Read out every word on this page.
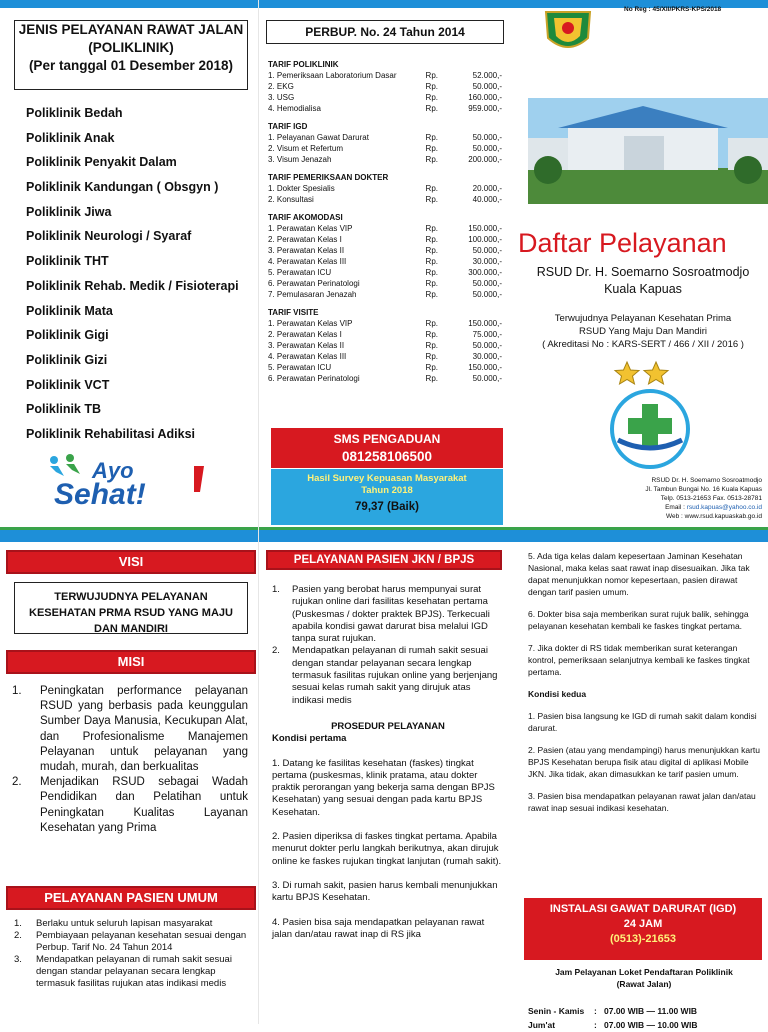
JENIS PELAYANAN RAWAT JALAN
(POLIKLINIK)
(Per tanggal 01 Desember 2018)
Poliklinik Bedah
Poliklinik Anak
Poliklinik Penyakit Dalam
Poliklinik Kandungan ( Obsgyn )
Poliklinik Jiwa
Poliklinik Neurologi / Syaraf
Poliklinik THT
Poliklinik Rehab. Medik / Fisioterapi
Poliklinik Mata
Poliklinik Gigi
Poliklinik Gizi
Poliklinik VCT
Poliklinik TB
Poliklinik Rehabilitasi Adiksi
Ayo
Sehat!
PERBUP. No. 24 Tahun 2014
TARIF POLIKLINIK
1. Pemeriksaan Laboratorium Dasar	Rp.	52.000,-
2. EKG	Rp.	50.000,-
3. USG	Rp.	160.000,-
4. Hemodialisa	Rp.	959.000,-
TARIF IGD
1. Pelayanan Gawat Darurat	Rp.	50.000,-
2. Visum et Refertum	Rp.	50.000,-
3. Visum Jenazah	Rp.	200.000,-
TARIF PEMERIKSAAN DOKTER
1. Dokter Spesialis	Rp.	20.000,-
2. Konsultasi	Rp.	40.000,-
TARIF AKOMODASI
1. Perawatan Kelas VIP	Rp.	150.000,-
2. Perawatan Kelas I	Rp.	100.000,-
3. Perawatan Kelas II	Rp.	50.000,-
4. Perawatan Kelas III	Rp.	30.000,-
5. Perawatan ICU	Rp.	300.000,-
6. Perawatan Perinatologi	Rp.	50.000,-
7. Pemulasaran Jenazah	Rp.	50.000,-
TARIF VISITE
1. Perawatan Kelas VIP	Rp.	150.000,-
2. Perawatan Kelas I	Rp.	75.000,-
3. Perawatan Kelas II	Rp.	50.000,-
4. Perawatan Kelas III	Rp.	30.000,-
5. Perawatan ICU	Rp.	150.000,-
6. Perawatan Perinatologi	Rp.	50.000,-
SMS PENGADUAN
081258106500
Hasil Survey Kepuasan Masyarakat
Tahun 2018
79,37 (Baik)
No Reg : 45/XII/PKRS-KPS/2018
Daftar Pelayanan
RSUD Dr. H. Soemarno Sosroatmodjo
Kuala Kapuas
Terwujudnya Pelayanan Kesehatan Prima
RSUD Yang Maju Dan Mandiri
( Akreditasi No : KARS-SERT / 466 / XII / 2016 )
RSUD Dr. H. Soemarno Sosroatmodjo
Jl. Tambun Bungai No. 16 Kuala Kapuas
Telp. 0513-21653 Fax. 0513-28781
Email : rsud.kapuas@yahoo.co.id
Web : www.rsud.kapuaskab.go.id
VISI
TERWUJUDNYA PELAYANAN
KESEHATAN PRMA RSUD YANG MAJU
DAN MANDIRI
MISI
1.	Peningkatan performance pelayanan RSUD yang berbasis pada keunggulan Sumber Daya Manusia, Kecukupan Alat, dan Profesionalisme Manajemen Pelayanan untuk pelayanan yang mudah, murah, dan berkualitas
2.	Menjadikan RSUD sebagai Wadah Pendidikan dan Pelatihan untuk Peningkatan Kualitas Layanan Kesehatan yang Prima
PELAYANAN PASIEN UMUM
1.	Berlaku untuk seluruh lapisan masyarakat
2.	Pembiayaan pelayanan kesehatan sesuai dengan Perbup. Tarif No. 24 Tahun 2014
3.	Mendapatkan pelayanan di rumah sakit sesuai dengan standar pelayanan secara lengkap termasuk fasilitas rujukan atas indikasi medis
PELAYANAN PASIEN JKN / BPJS
1.	Pasien yang berobat harus mempunyai surat rujukan online dari fasilitas kesehatan pertama (Puskesmas / dokter praktek BPJS). Terkecuali apabila kondisi gawat darurat bisa melalui IGD tanpa surat rujukan.
2.	Mendapatkan pelayanan di rumah sakit sesuai dengan standar pelayanan secara lengkap termasuk fasilitas rujukan online yang berjenjang sesuai kelas rumah sakit yang dirujuk atas indikasi medis
PROSEDUR PELAYANAN
Kondisi pertama

1. Datang ke fasilitas kesehatan (faskes) tingkat pertama (puskesmas, klinik pratama, atau dokter praktik perorangan yang bekerja sama dengan BPJS Kesehatan) yang sesuai dengan pada kartu BPJS Kesehatan.

2. Pasien diperiksa di faskes tingkat pertama. Apabila menurut dokter perlu langkah berikutnya, akan dirujuk online ke faskes rujukan tingkat lanjutan (rumah sakit).

3. Di rumah sakit, pasien harus kembali menunjukkan kartu BPJS Kesehatan.

4. Pasien bisa saja mendapatkan pelayanan rawat jalan dan/atau rawat inap di RS jika

5. Ada tiga kelas dalam kepesertaan Jaminan Kesehatan Nasional, maka kelas saat rawat inap disesuaikan. Jika tak dapat menunjukkan nomor kepesertaan, pasien dirawat dengan tarif pasien umum.

6. Dokter bisa saja memberikan surat rujuk balik, sehingga pelayanan kesehatan kembali ke faskes tingkat pertama.

7. Jika dokter di RS tidak memberikan surat keterangan kontrol, pemeriksaan selanjutnya kembali ke faskes tingkat pertama.

Kondisi kedua

1. Pasien bisa langsung ke IGD di rumah sakit dalam kondisi darurat.

2. Pasien (atau yang mendampingi) harus menunjukkan kartu BPJS Kesehatan berupa fisik atau digital di aplikasi Mobile JKN. Jika tidak, akan dimasukkan ke tarif pasien umum.

3. Pasien bisa mendapatkan pelayanan rawat jalan dan/atau rawat inap sesuai indikasi kesehatan.

INSTALASI GAWAT DARURAT (IGD)
24 JAM
(0513)-21653
Jam Pelayanan Loket Pendaftaran Poliklinik
(Rawat Jalan)
Senin - Kamis	: 07.00 WIB — 11.00 WIB
Jum'at	: 07.00 WIB — 10.00 WIB
